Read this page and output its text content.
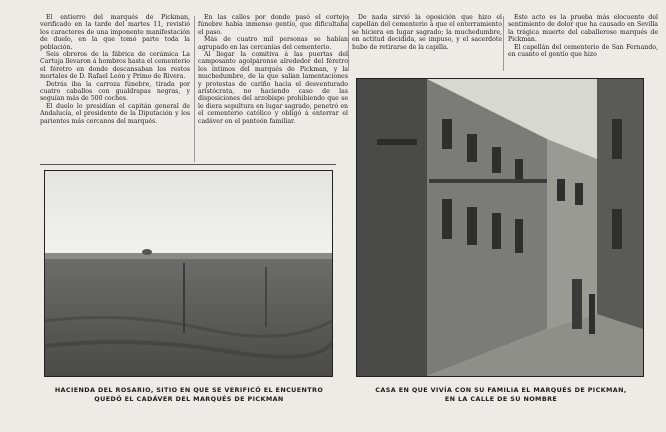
El entierro del marqués de Pickman, verificado en la tarde del martes 11, revistió los caracteres de una imponente manifestación de duelo, en la que tomó parte toda la población.

Seis obreros de la fábrica de cerámica La Cartuja llevaron á hombros hasta el cementerio el féretro en donde descansaban los restos mortales de D. Rafael León y Primo de Rivera.

Detrás iba la carroza fúnebre, tirada por cuatro caballos con gualdrapas negras, y seguían más de 500 coches.

El duelo lo presidían el capitán general de Andalucía, el presidente de la Diputación y los parientes más cercanos del marqués.

En las calles por donde pasó el cortejo fúnebre había inmenso gentío, que dificultaba el paso.

Más de cuatro mil personas se habían agrupado en las cercanías del cementerio.

Al llegar la comitiva á las puertas del camposanto agolpáronse alrededor del féretro los íntimos del marqués de Pickman, y la muchedumbre, de la que salían lamentaciones y protestas de cariño hacia el desventurado aristócrata, no haciendo caso de las disposiciones del arzobispo prohibiendo que se le diera sepultura en lugar sagrado, penetró en el cementerio católico y obligó á enterrar el cadáver en el panteón familiar.

De nada sirvió la oposición que hizo el capellán del cementerio á que el enterramiento se hiciera en lugar sagrado; la muchedumbre, en actitud decidida, se impuso, y el sacerdote hubo de retirarse de la capilla.

Este acto es la prueba más elocuente del sentimiento de dolor que ha causado en Sevilla la trágica muerte del caballeroso marqués de Pickman.

El capellán del cementerio de San Fernando, en cuanto el gentío que hizo

HACIENDA DEL ROSARIO, SITIO EN QUE SE VERIFICÓ EL ENCUENTRO
QUEDÓ EL CADÁVER DEL MARQUÉS DE PICKMAN
CASA EN QUE VIVÍA CON SU FAMILIA EL MARQUÉS DE PICKMAN,
EN LA CALLE DE SU NOMBRE
